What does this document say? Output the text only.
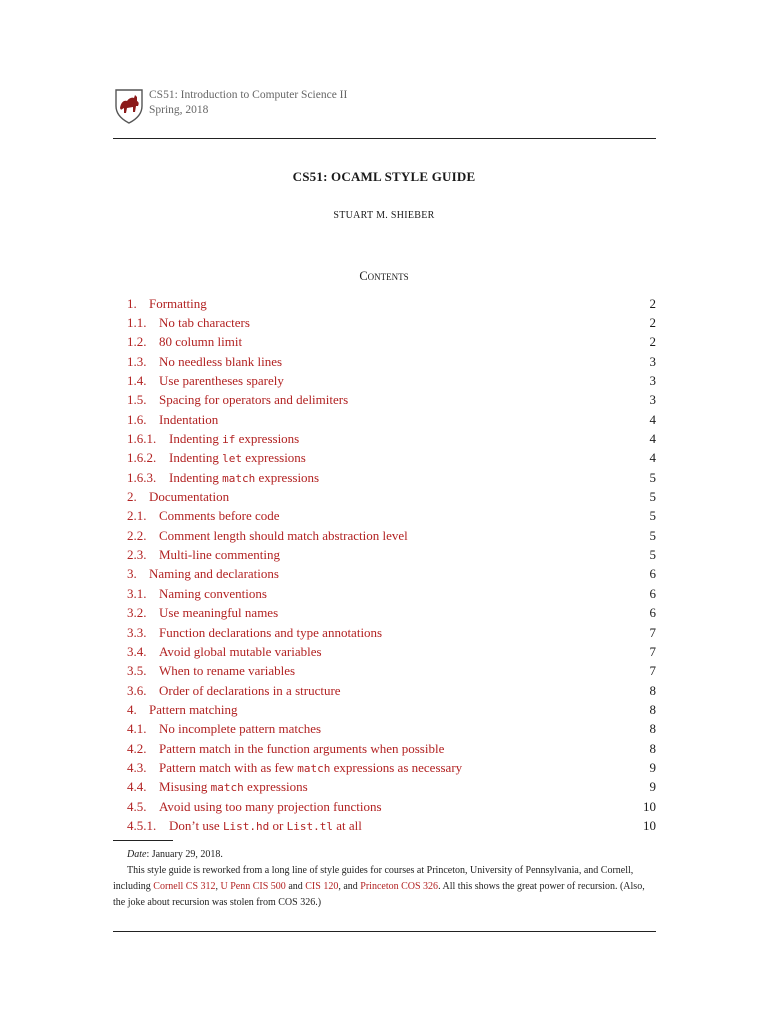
CS51: Introduction to Computer Science II
Spring, 2018
CS51: OCAML STYLE GUIDE
STUART M. SHIEBER
Contents
1. Formatting	2
1.1. No tab characters	2
1.2. 80 column limit	2
1.3. No needless blank lines	3
1.4. Use parentheses sparely	3
1.5. Spacing for operators and delimiters	3
1.6. Indentation	4
1.6.1. Indenting if expressions	4
1.6.2. Indenting let expressions	4
1.6.3. Indenting match expressions	5
2. Documentation	5
2.1. Comments before code	5
2.2. Comment length should match abstraction level	5
2.3. Multi-line commenting	5
3. Naming and declarations	6
3.1. Naming conventions	6
3.2. Use meaningful names	6
3.3. Function declarations and type annotations	7
3.4. Avoid global mutable variables	7
3.5. When to rename variables	7
3.6. Order of declarations in a structure	8
4. Pattern matching	8
4.1. No incomplete pattern matches	8
4.2. Pattern match in the function arguments when possible	8
4.3. Pattern match with as few match expressions as necessary	9
4.4. Misusing match expressions	9
4.5. Avoid using too many projection functions	10
4.5.1. Don’t use List.hd or List.tl at all	10

Date: January 29, 2018.

This style guide is reworked from a long line of style guides for courses at Princeton, University of Pennsylvania, and Cornell, including Cornell CS 312, U Penn CIS 500 and CIS 120, and Princeton COS 326. All this shows the great power of recursion. (Also, the joke about recursion was stolen from COS 326.)
